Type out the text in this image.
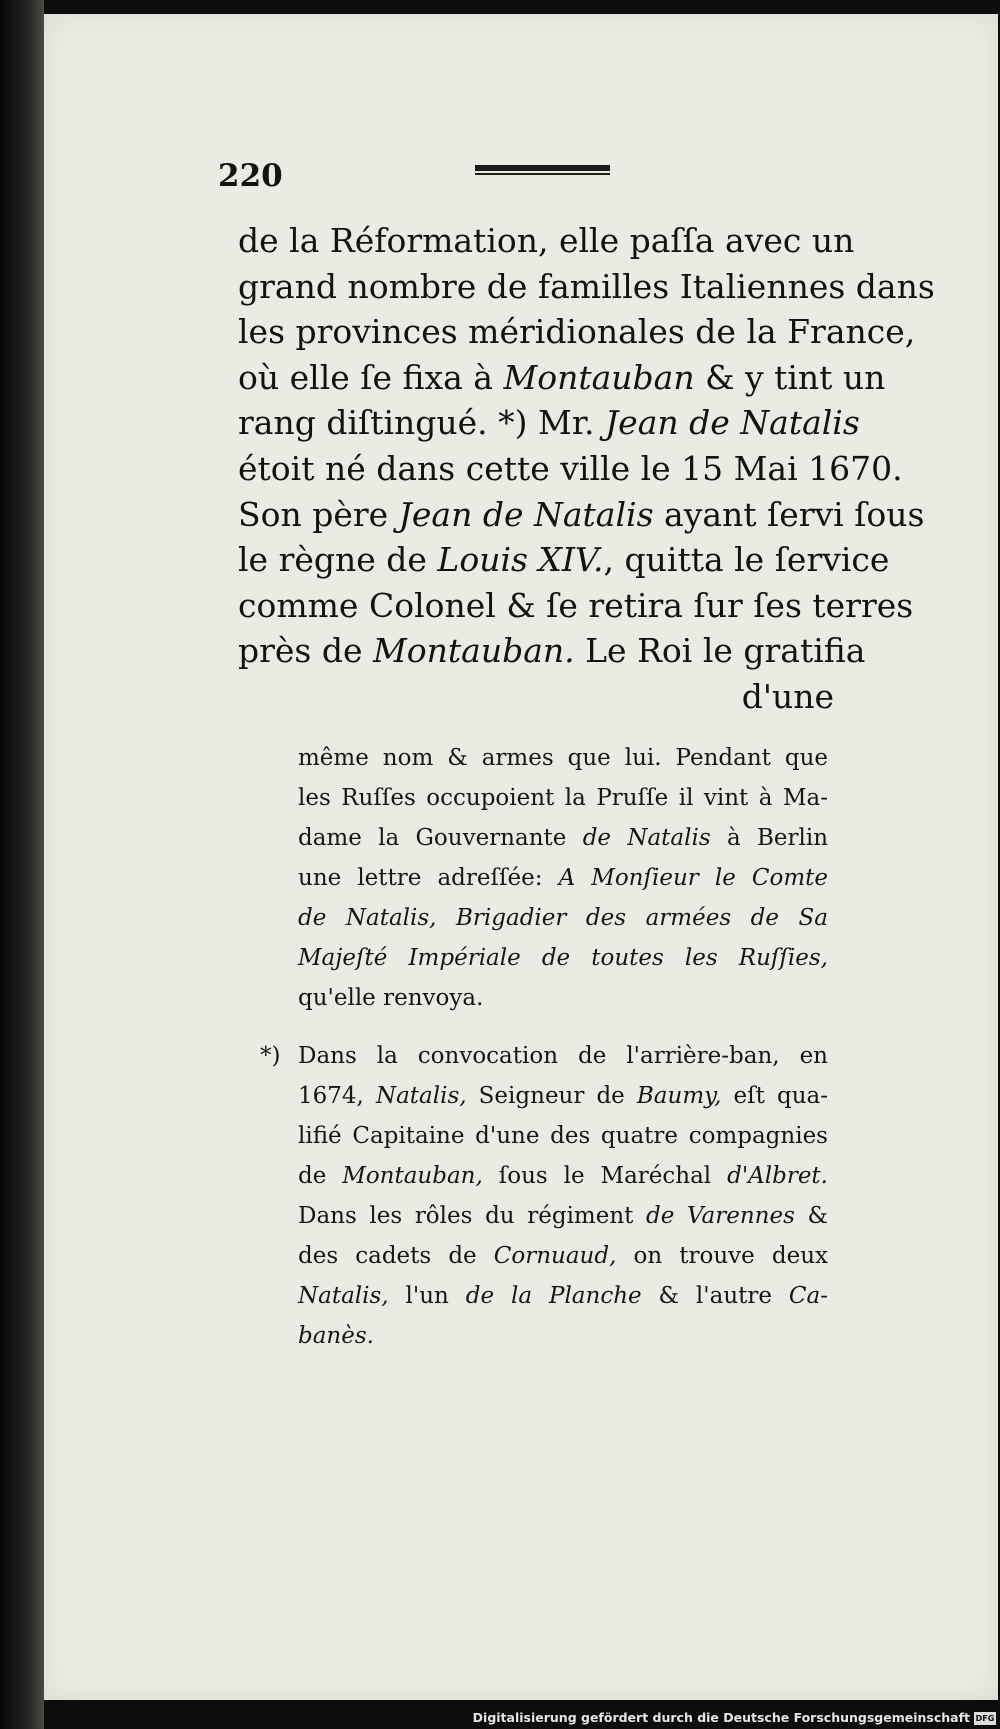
220
de la Réformation, elle paſſa avec un
grand nombre de familles Italiennes dans
les provinces méridionales de la France,
où elle ſe fixa à Montauban & y tint un
rang diſtingué. *) Mr. Jean de Natalis
étoit né dans cette ville le 15 Mai 1670.
Son père Jean de Natalis ayant ſervi ſous
le règne de Louis XIV., quitta le ſervice
comme Colonel & ſe retira ſur ſes terres
près de Montauban. Le Roi le gratifia
d'une
même nom & armes que lui. Pendant que
les Ruſſes occupoient la Pruſſe il vint à Ma-
dame la Gouvernante de Natalis à Berlin
une lettre adreſſée: A Monſieur le Comte
de Natalis, Brigadier des armées de Sa
Majeſté Impériale de toutes les Ruſſies,
qu'elle renvoya.
*) Dans la convocation de l'arrière-ban, en
1674, Natalis, Seigneur de Baumy, eſt qua-
lifié Capitaine d'une des quatre compagnies
de Montauban, ſous le Maréchal d'Albret.
Dans les rôles du régiment de Varennes &
des cadets de Cornuaud, on trouve deux
Natalis, l'un de la Planche & l'autre Ca-
banès.
Digitalisierung gefördert durch die Deutsche Forschungsgemeinschaft DFG
